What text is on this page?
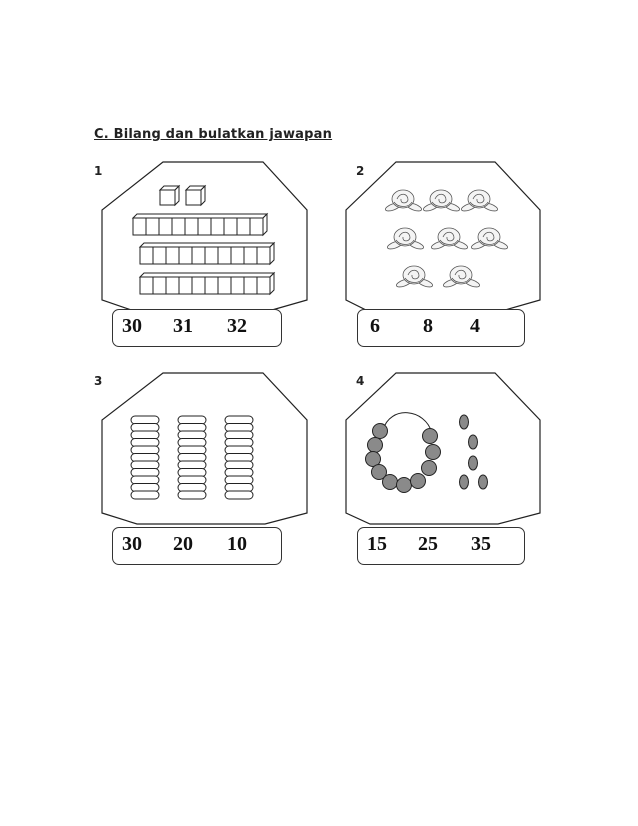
C. Bilang dan bulatkan jawapan
1	2
3	4
30 31 32	6 8 4
30 20 10	15 25 35
